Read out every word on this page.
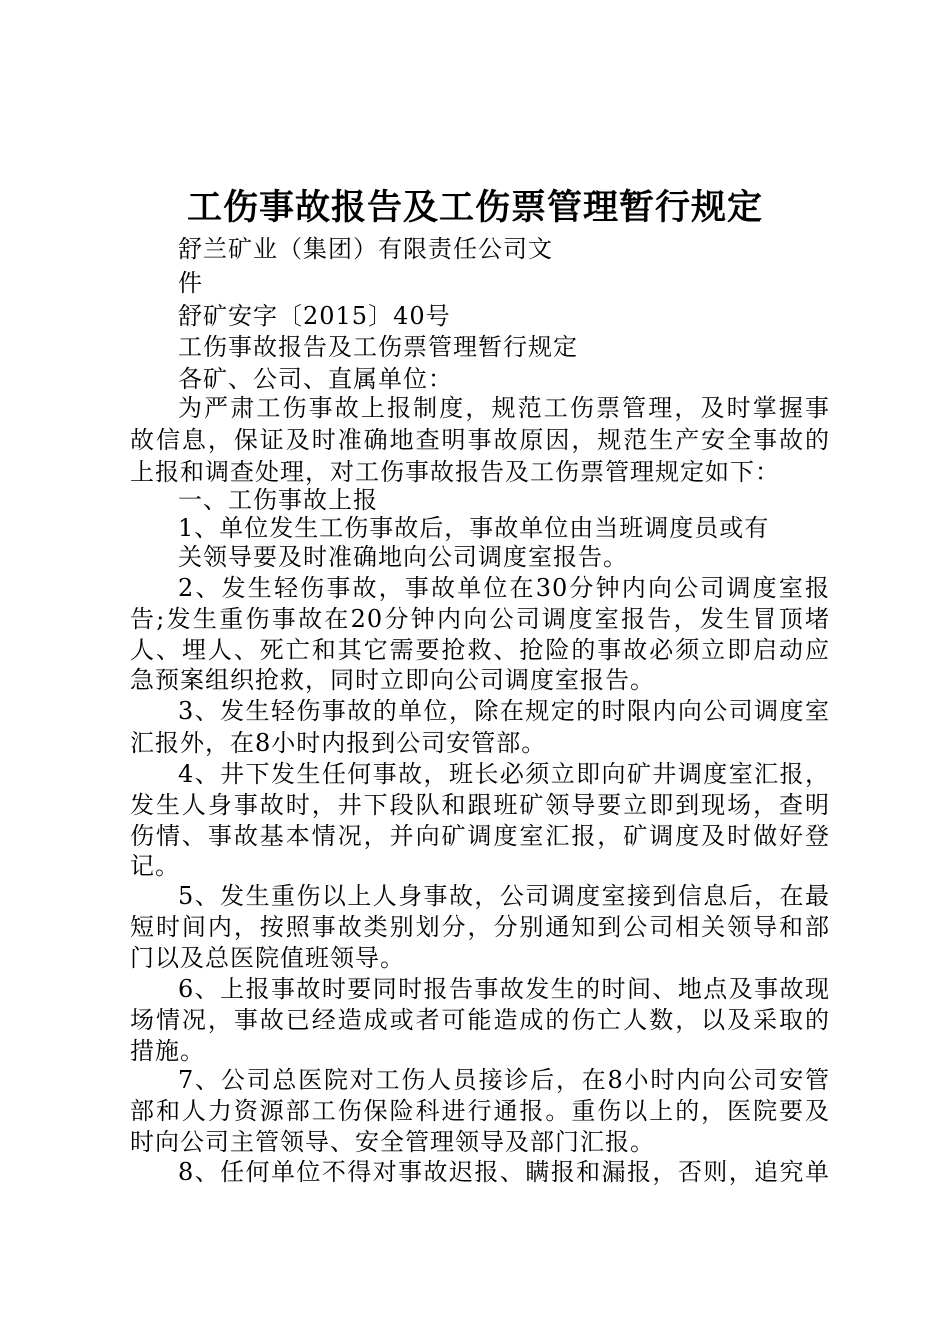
工伤事故报告及工伤票管理暂行规定
舒兰矿业（集团）有限责任公司文
件
舒矿安字〔2015〕40号
工伤事故报告及工伤票管理暂行规定
各矿、公司、直属单位：
为严肃工伤事故上报制度，规范工伤票管理，及时掌握事
故信息，保证及时准确地查明事故原因，规范生产安全事故的
上报和调查处理，对工伤事故报告及工伤票管理规定如下：
一、工伤事故上报
1、单位发生工伤事故后，事故单位由当班调度员或有
关领导要及时准确地向公司调度室报告。
2、发生轻伤事故，事故单位在30分钟内向公司调度室报
告;发生重伤事故在20分钟内向公司调度室报告，发生冒顶堵
人、埋人、死亡和其它需要抢救、抢险的事故必须立即启动应
急预案组织抢救，同时立即向公司调度室报告。
3、发生轻伤事故的单位，除在规定的时限内向公司调度室
汇报外，在8小时内报到公司安管部。
4、井下发生任何事故，班长必须立即向矿井调度室汇报，
发生人身事故时，井下段队和跟班矿领导要立即到现场，查明
伤情、事故基本情况，并向矿调度室汇报，矿调度及时做好登
记。
5、发生重伤以上人身事故，公司调度室接到信息后，在最
短时间内，按照事故类别划分，分别通知到公司相关领导和部
门以及总医院值班领导。
6、上报事故时要同时报告事故发生的时间、地点及事故现
场情况，事故已经造成或者可能造成的伤亡人数，以及采取的
措施。
7、公司总医院对工伤人员接诊后，在8小时内向公司安管
部和人力资源部工伤保险科进行通报。重伤以上的，医院要及
时向公司主管领导、安全管理领导及部门汇报。
8、任何单位不得对事故迟报、瞒报和漏报，否则，追究单
